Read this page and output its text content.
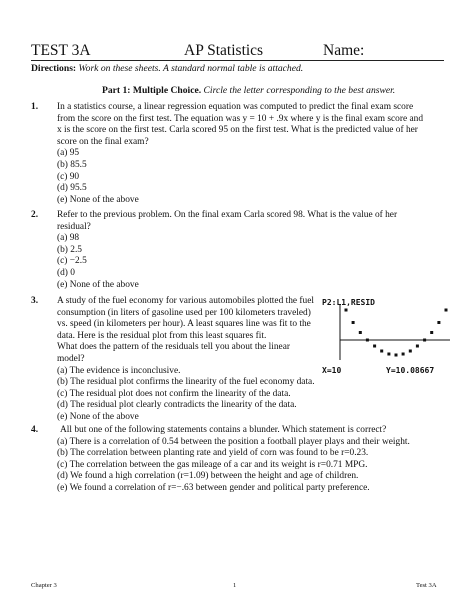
TEST 3A	AP Statistics	Name:
Directions: Work on these sheets. A standard normal table is attached.
Part 1: Multiple Choice. Circle the letter corresponding to the best answer.
1. In a statistics course, a linear regression equation was computed to predict the final exam score
from the score on the first test. The equation was y = 10 + .9x where y is the final exam score and
x is the score on the first test. Carla scored 95 on the first test. What is the predicted value of her
score on the final exam?
(a) 95
(b) 85.5
(c) 90
(d) 95.5
(e) None of the above
2. Refer to the previous problem. On the final exam Carla scored 98. What is the value of her
residual?
(a) 98
(b) 2.5
(c) −2.5
(d) 0
(e) None of the above
3. A study of the fuel economy for various automobiles plotted the fuel
consumption (in liters of gasoline used per 100 kilometers traveled)
vs. speed (in kilometers per hour). A least squares line was fit to the
data. Here is the residual plot from this least squares fit.
What does the pattern of the residuals tell you about the linear
model?
(a) The evidence is inconclusive.
(b) The residual plot confirms the linearity of the fuel economy data.
(c) The residual plot does not confirm the linearity of the data.
(d) The residual plot clearly contradicts the linearity of the data.
(e) None of the above
P2:L1,RESID
X=10	Y=10.08667
4. All but one of the following statements contains a blunder. Which statement is correct?
(a) There is a correlation of 0.54 between the position a football player plays and their weight.
(b) The correlation between planting rate and yield of corn was found to be r=0.23.
(c) The correlation between the gas mileage of a car and its weight is r=0.71 MPG.
(d) We found a high correlation (r=1.09) between the height and age of children.
(e) We found a correlation of r=−.63 between gender and political party preference.
Chapter 3	1	Test 3A
